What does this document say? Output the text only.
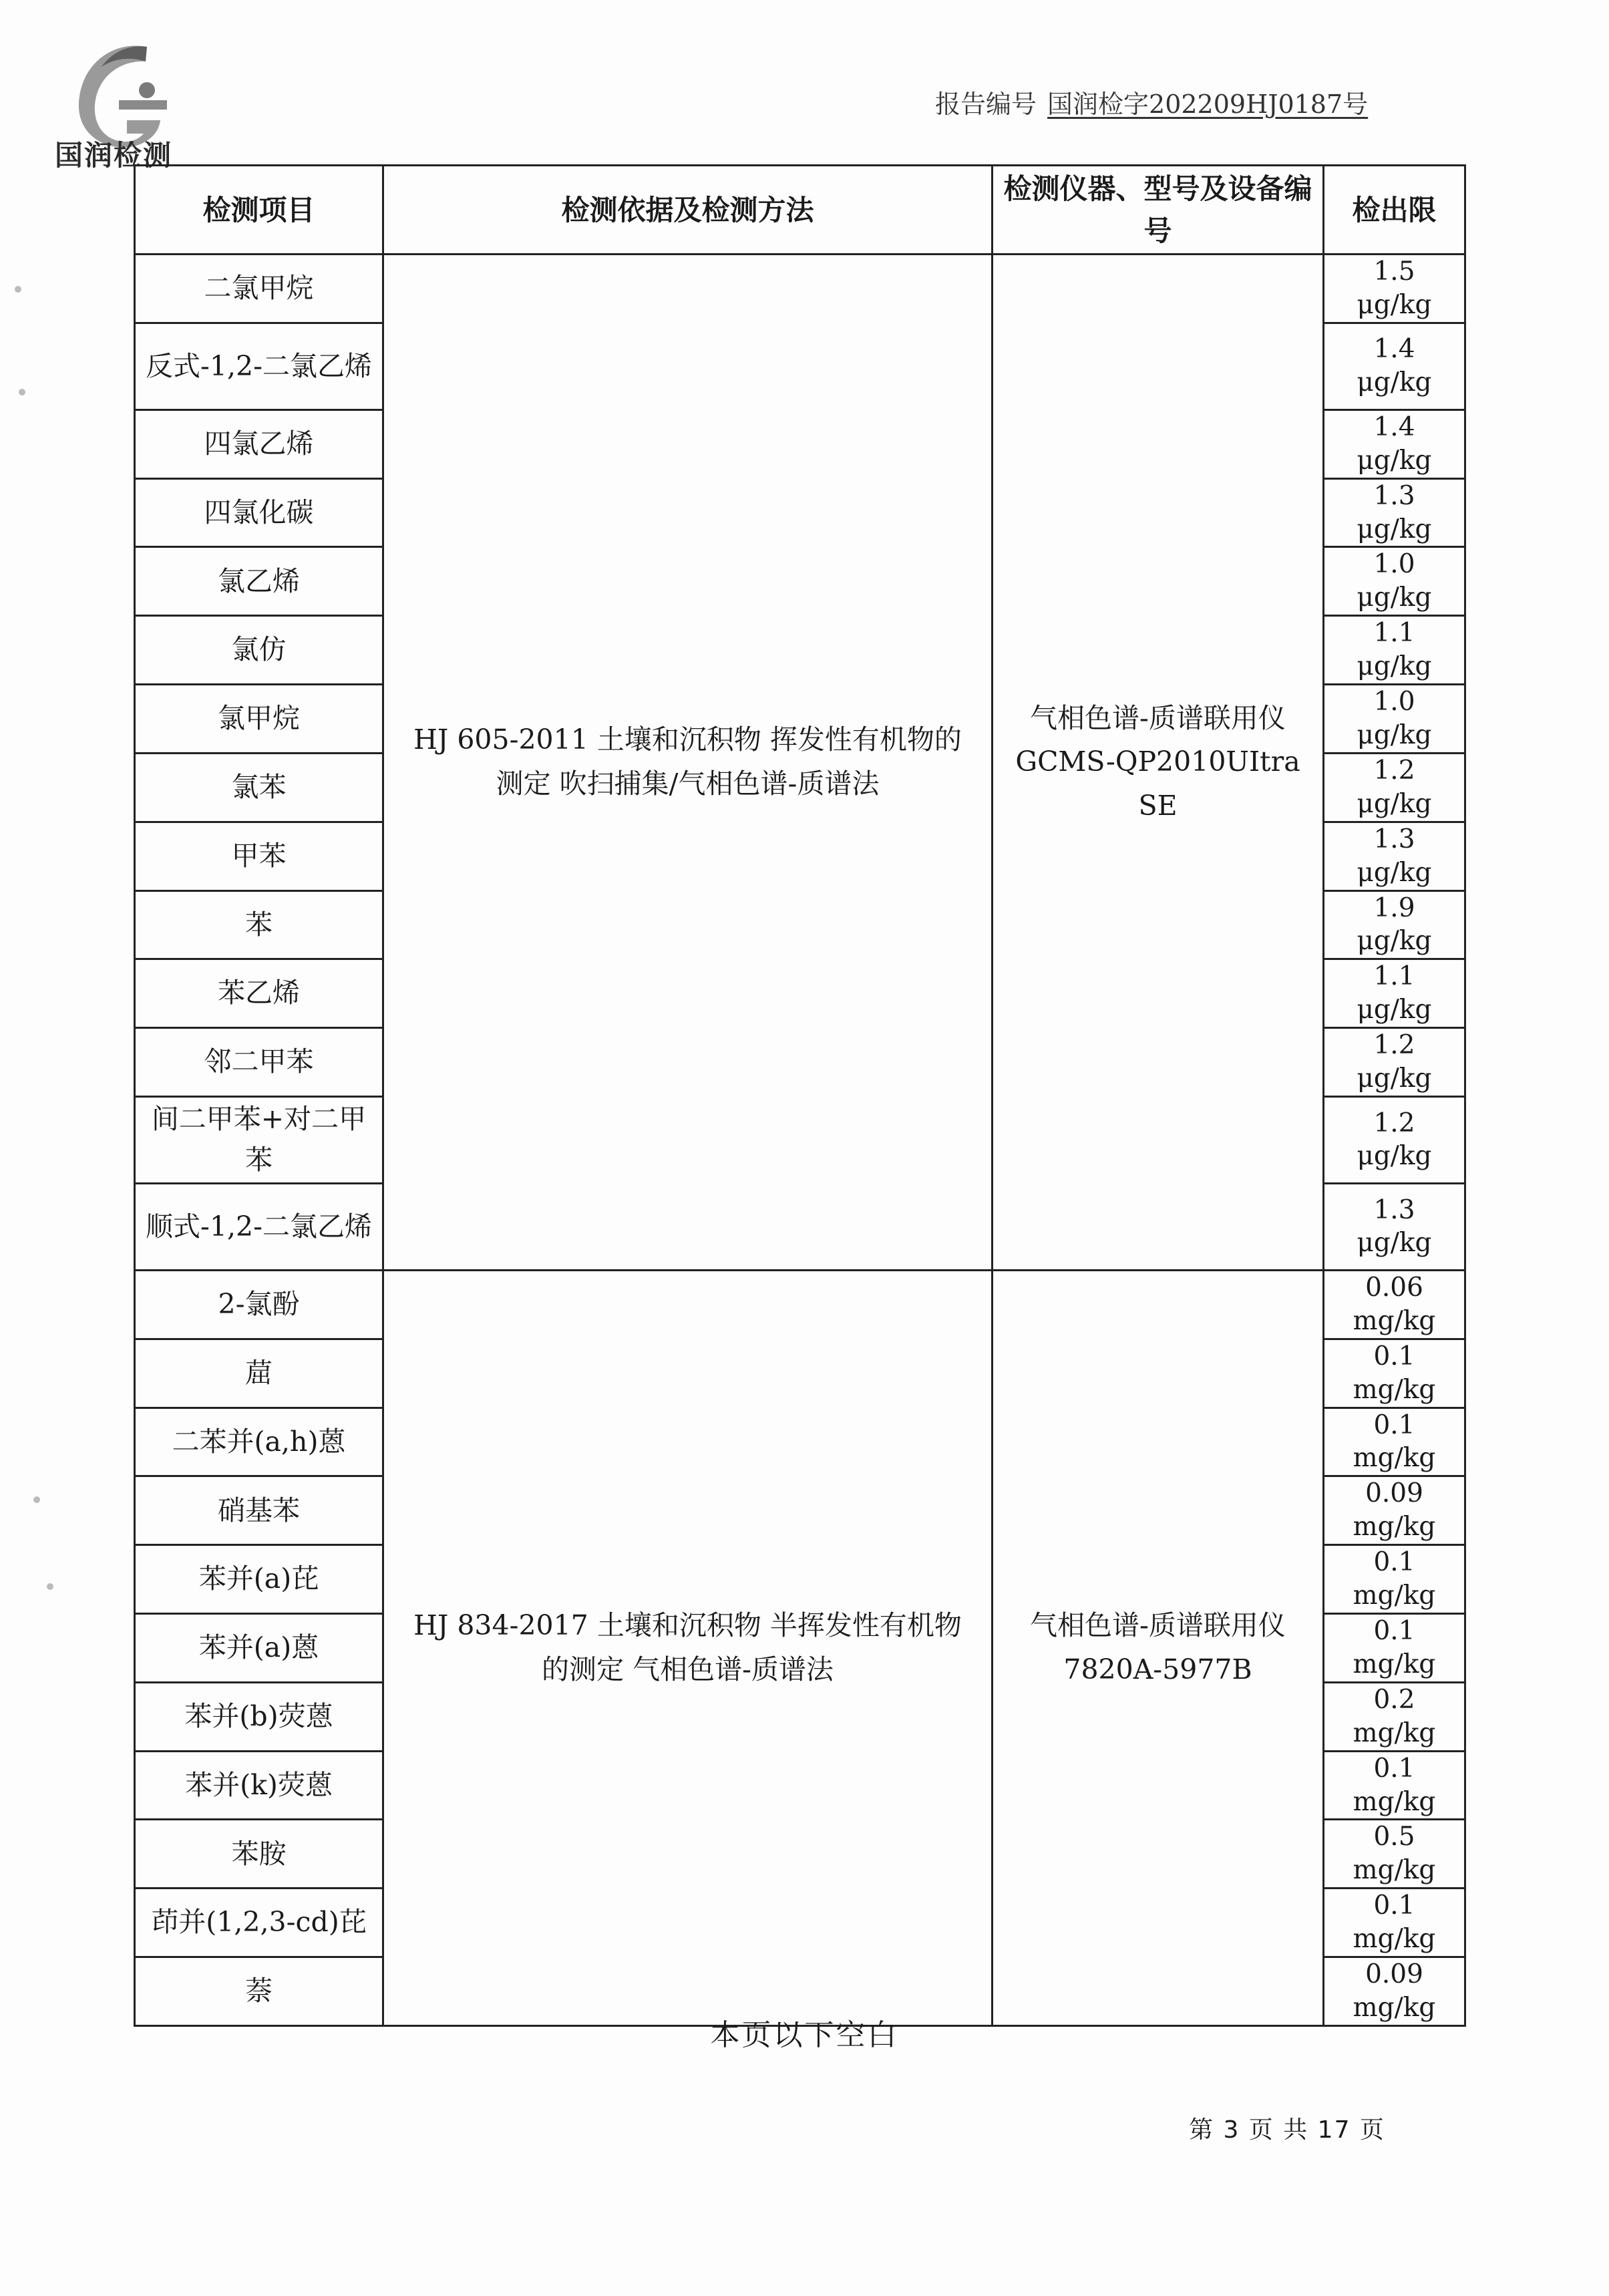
国润检测
报告编号 国润检字202209HJ0187号
检测项目	检测依据及检测方法	检测仪器、型号及设备编号	检出限
二氯甲烷	HJ 605-2011 土壤和沉积物 挥发性有机物的测定 吹扫捕集/气相色谱-质谱法	气相色谱-质谱联用仪GCMS-QP2010UItra SE	1.5
μg/kg

反式-1,2-二氯乙烯			1.4
μg/kg

四氯乙烯			1.4
μg/kg

四氯化碳			1.3
μg/kg

氯乙烯			1.0
μg/kg

氯仿			1.1
μg/kg

氯甲烷			1.0
μg/kg

氯苯			1.2
μg/kg

甲苯			1.3
μg/kg

苯			1.9
μg/kg

苯乙烯			1.1
μg/kg

邻二甲苯			1.2
μg/kg

间二甲苯+对二甲苯			1.2
μg/kg

顺式-1,2-二氯乙烯			1.3
μg/kg

2-氯酚	HJ 834-2017 土壤和沉积物 半挥发性有机物的测定 气相色谱-质谱法	气相色谱-质谱联用仪7820A-5977B	0.06
mg/kg

䓛			0.1
mg/kg

二苯并(a,h)蒽			0.1
mg/kg

硝基苯			0.09
mg/kg

苯并(a)芘			0.1
mg/kg

苯并(a)蒽			0.1
mg/kg

苯并(b)荧蒽			0.2
mg/kg

苯并(k)荧蒽			0.1
mg/kg

苯胺			0.5
mg/kg

茚并(1,2,3-cd)芘			0.1
mg/kg

萘			0.09
mg/kg
本页以下空白
第 3 页 共 17 页
